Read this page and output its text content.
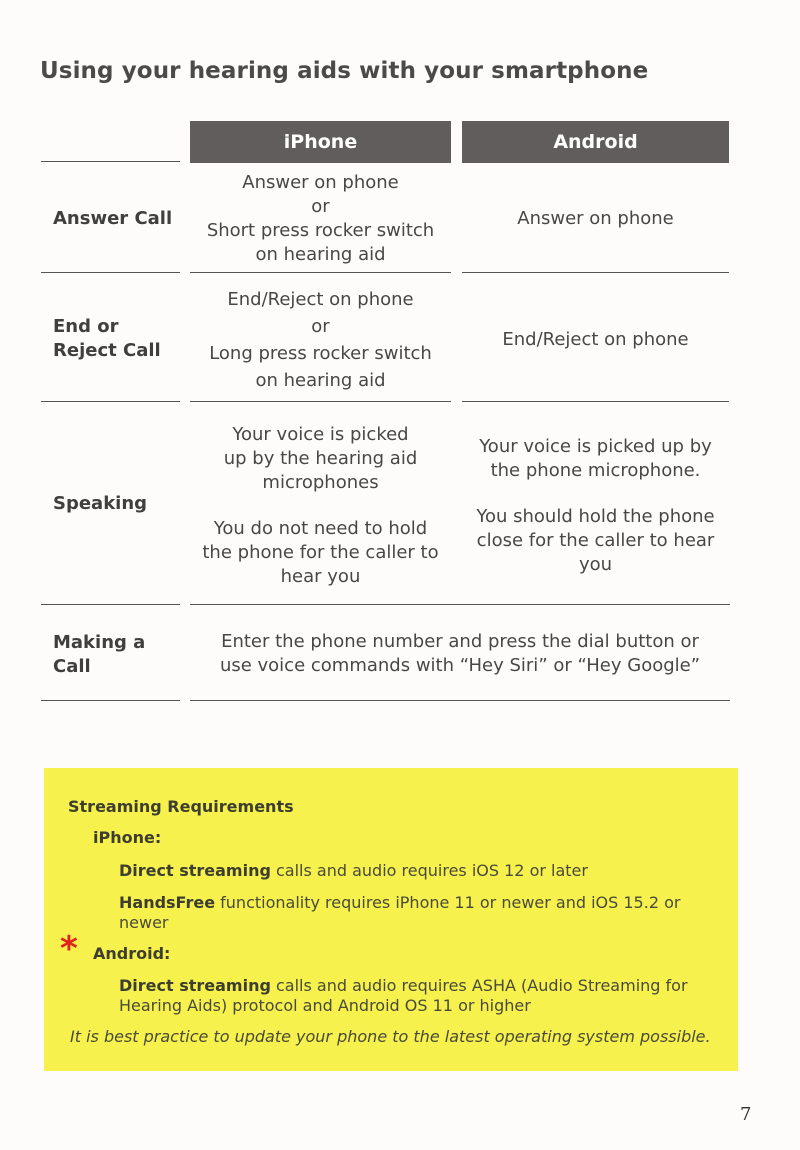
Using your hearing aids with your smartphone
iPhone	Android
Answer Call

Answer on phone

or

Short press rocker switch

on hearing aid

Answer on phone

End or
Reject Call

End/Reject on phone

or

Long press rocker switch

on hearing aid

End/Reject on phone

Speaking

Your voice is picked

up by the hearing aid

microphones

You do not need to hold

the phone for the caller to

hear you

Your voice is picked up by

the phone microphone.

You should hold the phone

close for the caller to hear

you

Making a
Call

Enter the phone number and press the dial button or

use voice commands with “Hey Siri” or “Hey Google”

Streaming Requirements
iPhone:
Direct streaming calls and audio requires iOS 12 or later
HandsFree functionality requires iPhone 11 or newer and iOS 15.2 or
newer
* Android:
Direct streaming calls and audio requires ASHA (Audio Streaming for
Hearing Aids) protocol and Android OS 11 or higher
It is best practice to update your phone to the latest operating system possible.
7
